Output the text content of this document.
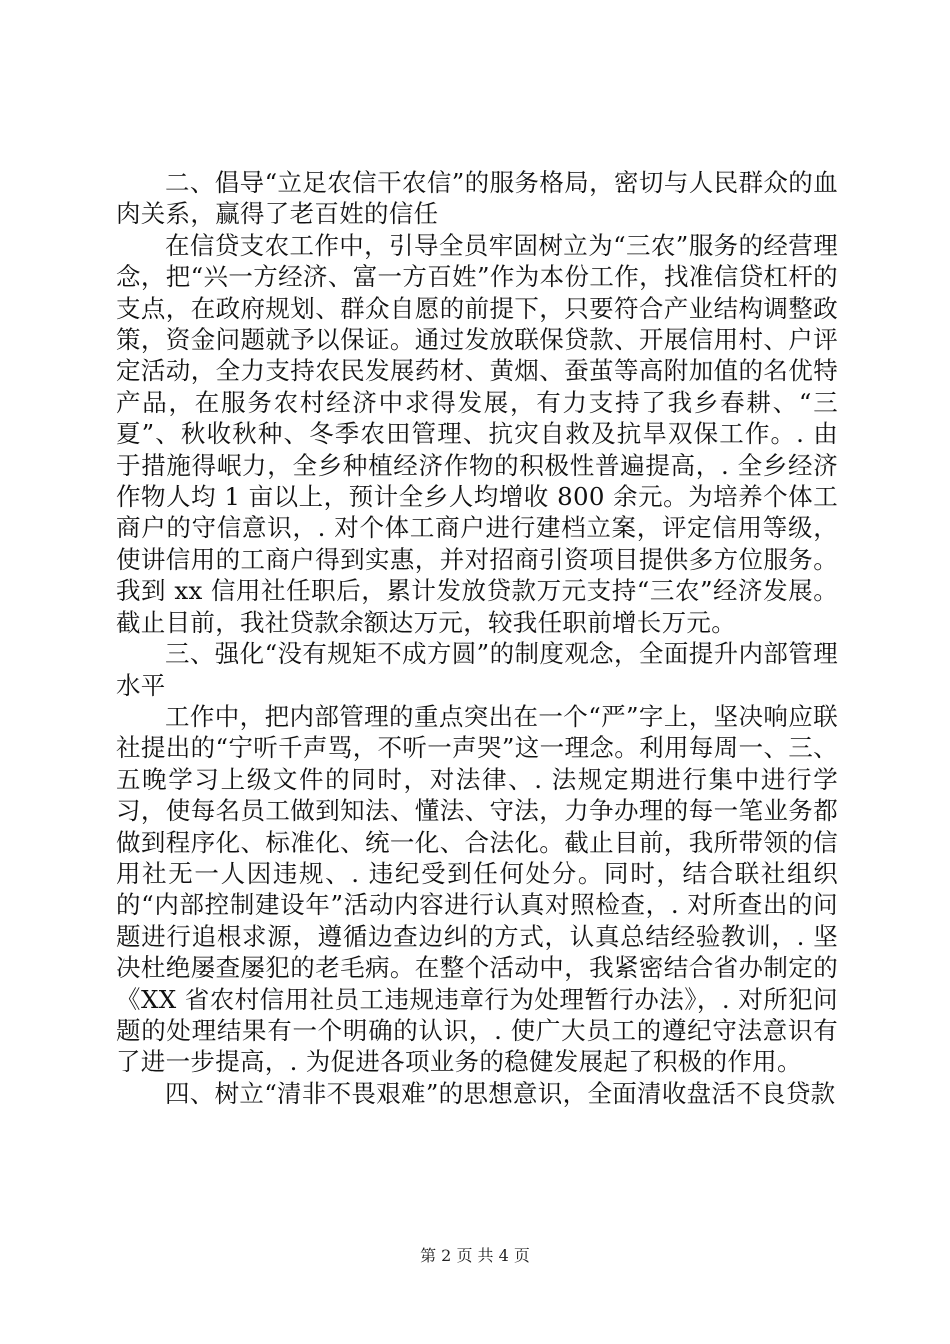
二、倡导“立足农信干农信”的服务格局，密切与人民群众的血肉关系，赢得了老百姓的信任

在信贷支农工作中，引导全员牢固树立为“三农”服务的经营理念，把“兴一方经济、富一方百姓”作为本份工作，找准信贷杠杆的支点，在政府规划、群众自愿的前提下，只要符合产业结构调整政策，资金问题就予以保证。通过发放联保贷款、开展信用村、户评定活动，全力支持农民发展药材、黄烟、蚕茧等高附加值的名优特产品，在服务农村经济中求得发展，有力支持了我乡春耕、“三夏”、秋收秋种、冬季农田管理、抗灾自救及抗旱双保工作。. 由于措施得岷力，全乡种植经济作物的积极性普遍提高，. 全乡经济作物人均 1 亩以上，预计全乡人均增收 800 余元。为培养个体工商户的守信意识，. 对个体工商户进行建档立案，评定信用等级，使讲信用的工商户得到实惠，并对招商引资项目提供多方位服务。我到 xx 信用社任职后，累计发放贷款万元支持“三农”经济发展。截止目前，我社贷款余额达万元，较我任职前增长万元。

三、强化“没有规矩不成方圆”的制度观念，全面提升内部管理水平

工作中，把内部管理的重点突出在一个“严”字上，坚决响应联社提出的“宁听千声骂，不听一声哭”这一理念。利用每周一、三、五晚学习上级文件的同时，对法律、. 法规定期进行集中进行学习，使每名员工做到知法、懂法、守法，力争办理的每一笔业务都做到程序化、标准化、统一化、合法化。截止目前，我所带领的信用社无一人因违规、. 违纪受到任何处分。同时，结合联社组织的“内部控制建设年”活动内容进行认真对照检查，. 对所查出的问题进行追根求源，遵循边查边纠的方式，认真总结经验教训，. 坚决杜绝屡查屡犯的老毛病。在整个活动中，我紧密结合省办制定的《XX 省农村信用社员工违规违章行为处理暂行办法》，. 对所犯问题的处理结果有一个明确的认识，. 使广大员工的遵纪守法意识有了进一步提高，. 为促进各项业务的稳健发展起了积极的作用。

四、树立“清非不畏艰难”的思想意识，全面清收盘活不良贷款

第 2 页 共 4 页
